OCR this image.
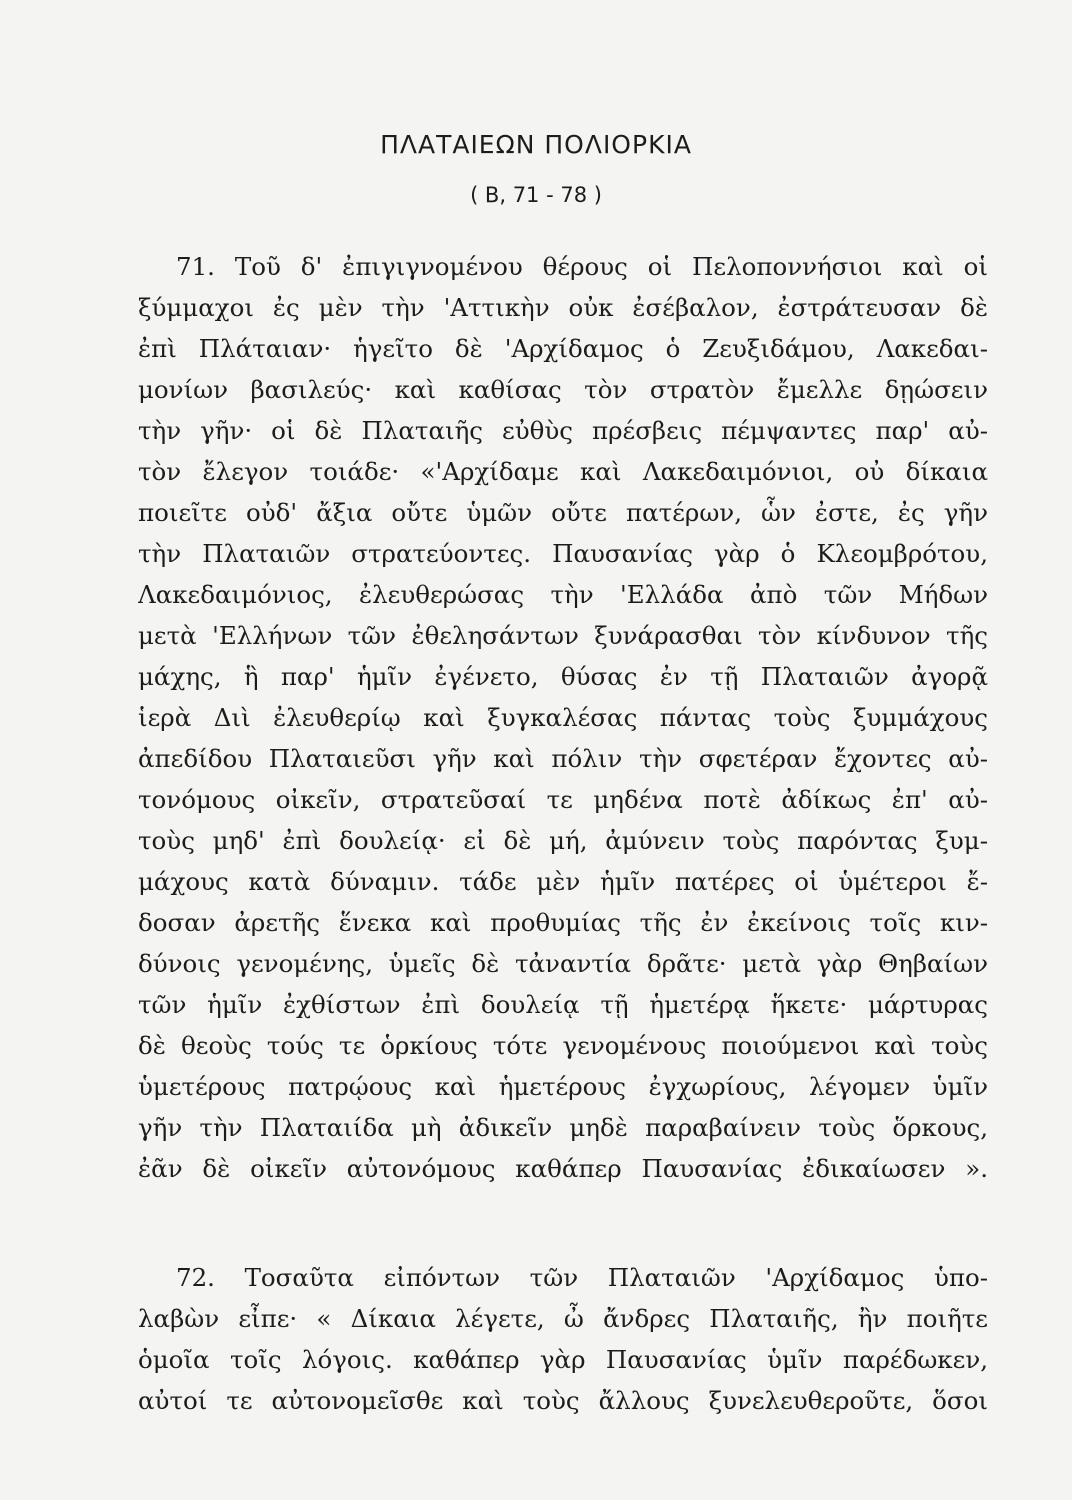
ΠΛΑΤΑΙΕΩΝ ΠΟΛΙΟΡΚΙΑ
( Β, 71 - 78 )
71. Τοῦ δ' ἐπιγιγνομένου θέρους οἱ Πελοποννήσιοι καὶ οἱ
ξύμμαχοι ἐς μὲν τὴν 'Αττικὴν οὐκ ἐσέβαλον, ἐστράτευσαν δὲ
ἐπὶ Πλάταιαν· ἡγεῖτο δὲ 'Αρχίδαμος ὁ Ζευξιδάμου, Λακεδαι-
μονίων βασιλεύς· καὶ καθίσας τὸν στρατὸν ἔμελλε δῃώσειν
τὴν γῆν· οἱ δὲ Πλαταιῆς εὐθὺς πρέσβεις πέμψαντες παρ' αὐ-
τὸν ἔλεγον τοιάδε· «'Αρχίδαμε καὶ Λακεδαιμόνιοι, οὐ δίκαια
ποιεῖτε οὐδ' ἄξια οὔτε ὑμῶν οὔτε πατέρων, ὧν ἐστε, ἐς γῆν
τὴν Πλαταιῶν στρατεύοντες. Παυσανίας γὰρ ὁ Κλεομβρότου,
Λακεδαιμόνιος, ἐλευθερώσας τὴν 'Ελλάδα ἀπὸ τῶν Μήδων
μετὰ 'Ελλήνων τῶν ἐθελησάντων ξυνάρασθαι τὸν κίνδυνον τῆς
μάχης, ἣ παρ' ἡμῖν ἐγένετο, θύσας ἐν τῇ Πλαταιῶν ἀγορᾷ
ἱερὰ Διὶ ἐλευθερίῳ καὶ ξυγκαλέσας πάντας τοὺς ξυμμάχους
ἀπεδίδου Πλαταιεῦσι γῆν καὶ πόλιν τὴν σφετέραν ἔχοντες αὐ-
τονόμους οἰκεῖν, στρατεῦσαί τε μηδένα ποτὲ ἀδίκως ἐπ' αὐ-
τοὺς μηδ' ἐπὶ δουλείᾳ· εἰ δὲ μή, ἀμύνειν τοὺς παρόντας ξυμ-
μάχους κατὰ δύναμιν. τάδε μὲν ἡμῖν πατέρες οἱ ὑμέτεροι ἔ-
δοσαν ἀρετῆς ἕνεκα καὶ προθυμίας τῆς ἐν ἐκείνοις τοῖς κιν-
δύνοις γενομένης, ὑμεῖς δὲ τἀναντία δρᾶτε· μετὰ γὰρ Θηβαίων
τῶν ἡμῖν ἐχθίστων ἐπὶ δουλείᾳ τῇ ἡμετέρᾳ ἥκετε· μάρτυρας
δὲ θεοὺς τούς τε ὁρκίους τότε γενομένους ποιούμενοι καὶ τοὺς
ὑμετέρους πατρῴους καὶ ἡμετέρους ἐγχωρίους, λέγομεν ὑμῖν
γῆν τὴν Πλαταιίδα μὴ ἀδικεῖν μηδὲ παραβαίνειν τοὺς ὅρκους,
ἐᾶν δὲ οἰκεῖν αὐτονόμους καθάπερ Παυσανίας ἐδικαίωσεν ».
72. Τοσαῦτα εἰπόντων τῶν Πλαταιῶν 'Αρχίδαμος ὑπο-
λαβὼν εἶπε· « Δίκαια λέγετε, ὦ ἄνδρες Πλαταιῆς, ἢν ποιῆτε
ὁμοῖα τοῖς λόγοις. καθάπερ γὰρ Παυσανίας ὑμῖν παρέδωκεν,
αὐτοί τε αὐτονομεῖσθε καὶ τοὺς ἄλλους ξυνελευθεροῦτε, ὅσοι
